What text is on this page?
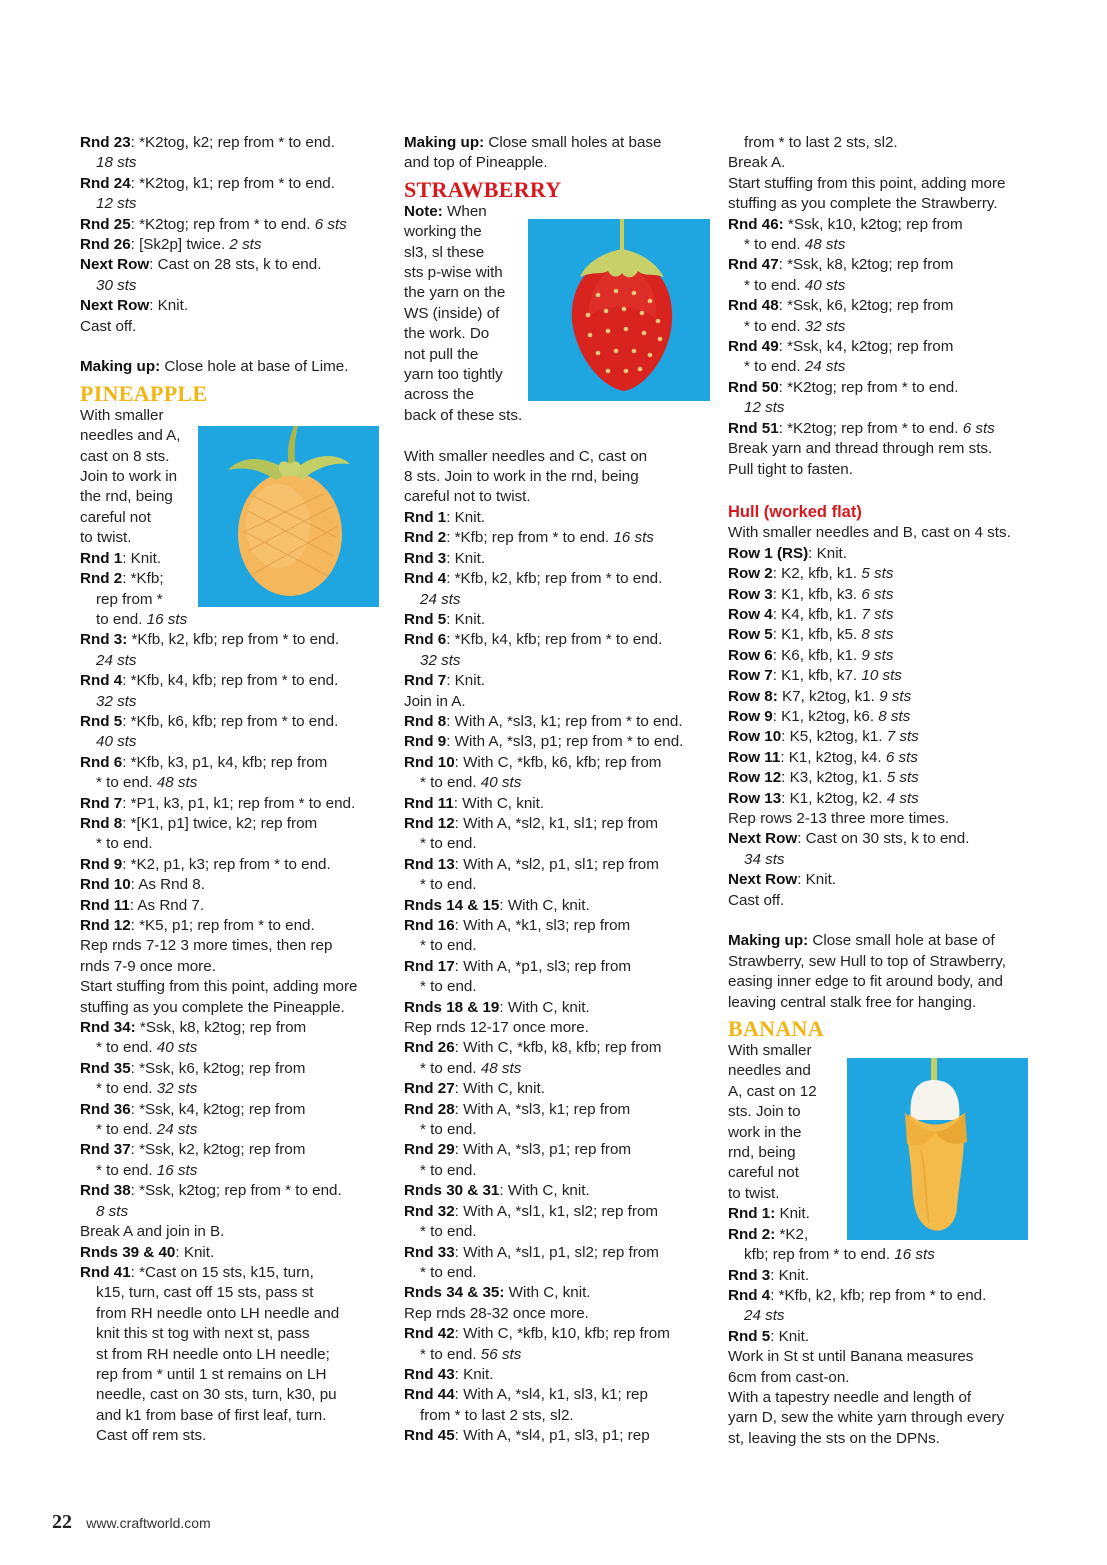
Rnd 23: *K2tog, k2; rep from * to end.
18 sts
Rnd 24: *K2tog, k1; rep from * to end.
12 sts
Rnd 25: *K2tog; rep from * to end. 6 sts
Rnd 26: [Sk2p] twice. 2 sts
Next Row: Cast on 28 sts, k to end.
30 sts
Next Row: Knit.
Cast off.
Making up: Close hole at base of Lime.
PINEAPPLE
With smaller
needles and A,
cast on 8 sts.
Join to work in
the rnd, being
careful not
to twist.
Rnd 1: Knit.
Rnd 2: *Kfb;
rep from *
to end. 16 sts
Rnd 3: *Kfb, k2, kfb; rep from * to end.
24 sts
Rnd 4: *Kfb, k4, kfb; rep from * to end.
32 sts
Rnd 5: *Kfb, k6, kfb; rep from * to end.
40 sts
Rnd 6: *Kfb, k3, p1, k4, kfb; rep from
* to end. 48 sts
Rnd 7: *P1, k3, p1, k1; rep from * to end.
Rnd 8: *[K1, p1] twice, k2; rep from
* to end.
Rnd 9: *K2, p1, k3; rep from * to end.
Rnd 10: As Rnd 8.
Rnd 11: As Rnd 7.
Rnd 12: *K5, p1; rep from * to end.
Rep rnds 7-12 3 more times, then rep
rnds 7-9 once more.
Start stuffing from this point, adding more
stuffing as you complete the Pineapple.
Rnd 34: *Ssk, k8, k2tog; rep from
* to end. 40 sts
Rnd 35: *Ssk, k6, k2tog; rep from
* to end. 32 sts
Rnd 36: *Ssk, k4, k2tog; rep from
* to end. 24 sts
Rnd 37: *Ssk, k2, k2tog; rep from
* to end. 16 sts
Rnd 38: *Ssk, k2tog; rep from * to end.
8 sts
Break A and join in B.
Rnds 39 & 40: Knit.
Rnd 41: *Cast on 15 sts, k15, turn,
k15, turn, cast off 15 sts, pass st
from RH needle onto LH needle and
knit this st tog with next st, pass
st from RH needle onto LH needle;
rep from * until 1 st remains on LH
needle, cast on 30 sts, turn, k30, pu
and k1 from base of first leaf, turn.
Cast off rem sts.
Making up: Close small holes at base
and top of Pineapple.
STRAWBERRY
Note: When
working the
sl3, sl these
sts p-wise with
the yarn on the
WS (inside) of
the work. Do
not pull the
yarn too tightly
across the
back of these sts.
With smaller needles and C, cast on
8 sts. Join to work in the rnd, being
careful not to twist.
Rnd 1: Knit.
Rnd 2: *Kfb; rep from * to end. 16 sts
Rnd 3: Knit.
Rnd 4: *Kfb, k2, kfb; rep from * to end.
24 sts
Rnd 5: Knit.
Rnd 6: *Kfb, k4, kfb; rep from * to end.
32 sts
Rnd 7: Knit.
Join in A.
Rnd 8: With A, *sl3, k1; rep from * to end.
Rnd 9: With A, *sl3, p1; rep from * to end.
Rnd 10: With C, *kfb, k6, kfb; rep from
* to end. 40 sts
Rnd 11: With C, knit.
Rnd 12: With A, *sl2, k1, sl1; rep from
* to end.
Rnd 13: With A, *sl2, p1, sl1; rep from
* to end.
Rnds 14 & 15: With C, knit.
Rnd 16: With A, *k1, sl3; rep from
* to end.
Rnd 17: With A, *p1, sl3; rep from
* to end.
Rnds 18 & 19: With C, knit.
Rep rnds 12-17 once more.
Rnd 26: With C, *kfb, k8, kfb; rep from
* to end. 48 sts
Rnd 27: With C, knit.
Rnd 28: With A, *sl3, k1; rep from
* to end.
Rnd 29: With A, *sl3, p1; rep from
* to end.
Rnds 30 & 31: With C, knit.
Rnd 32: With A, *sl1, k1, sl2; rep from
* to end.
Rnd 33: With A, *sl1, p1, sl2; rep from
* to end.
Rnds 34 & 35: With C, knit.
Rep rnds 28-32 once more.
Rnd 42: With C, *kfb, k10, kfb; rep from
* to end. 56 sts
Rnd 43: Knit.
Rnd 44: With A, *sl4, k1, sl3, k1; rep
from * to last 2 sts, sl2.
Rnd 45: With A, *sl4, p1, sl3, p1; rep
from * to last 2 sts, sl2.
Break A.
Start stuffing from this point, adding more
stuffing as you complete the Strawberry.
Rnd 46: *Ssk, k10, k2tog; rep from
* to end. 48 sts
Rnd 47: *Ssk, k8, k2tog; rep from
* to end. 40 sts
Rnd 48: *Ssk, k6, k2tog; rep from
* to end. 32 sts
Rnd 49: *Ssk, k4, k2tog; rep from
* to end. 24 sts
Rnd 50: *K2tog; rep from * to end.
12 sts
Rnd 51: *K2tog; rep from * to end. 6 sts
Break yarn and thread through rem sts.
Pull tight to fasten.
Hull (worked flat)
With smaller needles and B, cast on 4 sts.
Row 1 (RS): Knit.
Row 2: K2, kfb, k1. 5 sts
Row 3: K1, kfb, k3. 6 sts
Row 4: K4, kfb, k1. 7 sts
Row 5: K1, kfb, k5. 8 sts
Row 6: K6, kfb, k1. 9 sts
Row 7: K1, kfb, k7. 10 sts
Row 8: K7, k2tog, k1. 9 sts
Row 9: K1, k2tog, k6. 8 sts
Row 10: K5, k2tog, k1. 7 sts
Row 11: K1, k2tog, k4. 6 sts
Row 12: K3, k2tog, k1. 5 sts
Row 13: K1, k2tog, k2. 4 sts
Rep rows 2-13 three more times.
Next Row: Cast on 30 sts, k to end.
34 sts
Next Row: Knit.
Cast off.
Making up: Close small hole at base of
Strawberry, sew Hull to top of Strawberry,
easing inner edge to fit around body, and
leaving central stalk free for hanging.
BANANA
With smaller
needles and
A, cast on 12
sts. Join to
work in the
rnd, being
careful not
to twist.
Rnd 1: Knit.
Rnd 2: *K2,
kfb; rep from * to end. 16 sts
Rnd 3: Knit.
Rnd 4: *Kfb, k2, kfb; rep from * to end.
24 sts
Rnd 5: Knit.
Work in St st until Banana measures
6cm from cast-on.
With a tapestry needle and length of
yarn D, sew the white yarn through every
st, leaving the sts on the DPNs.
22 www.craftworld.com
